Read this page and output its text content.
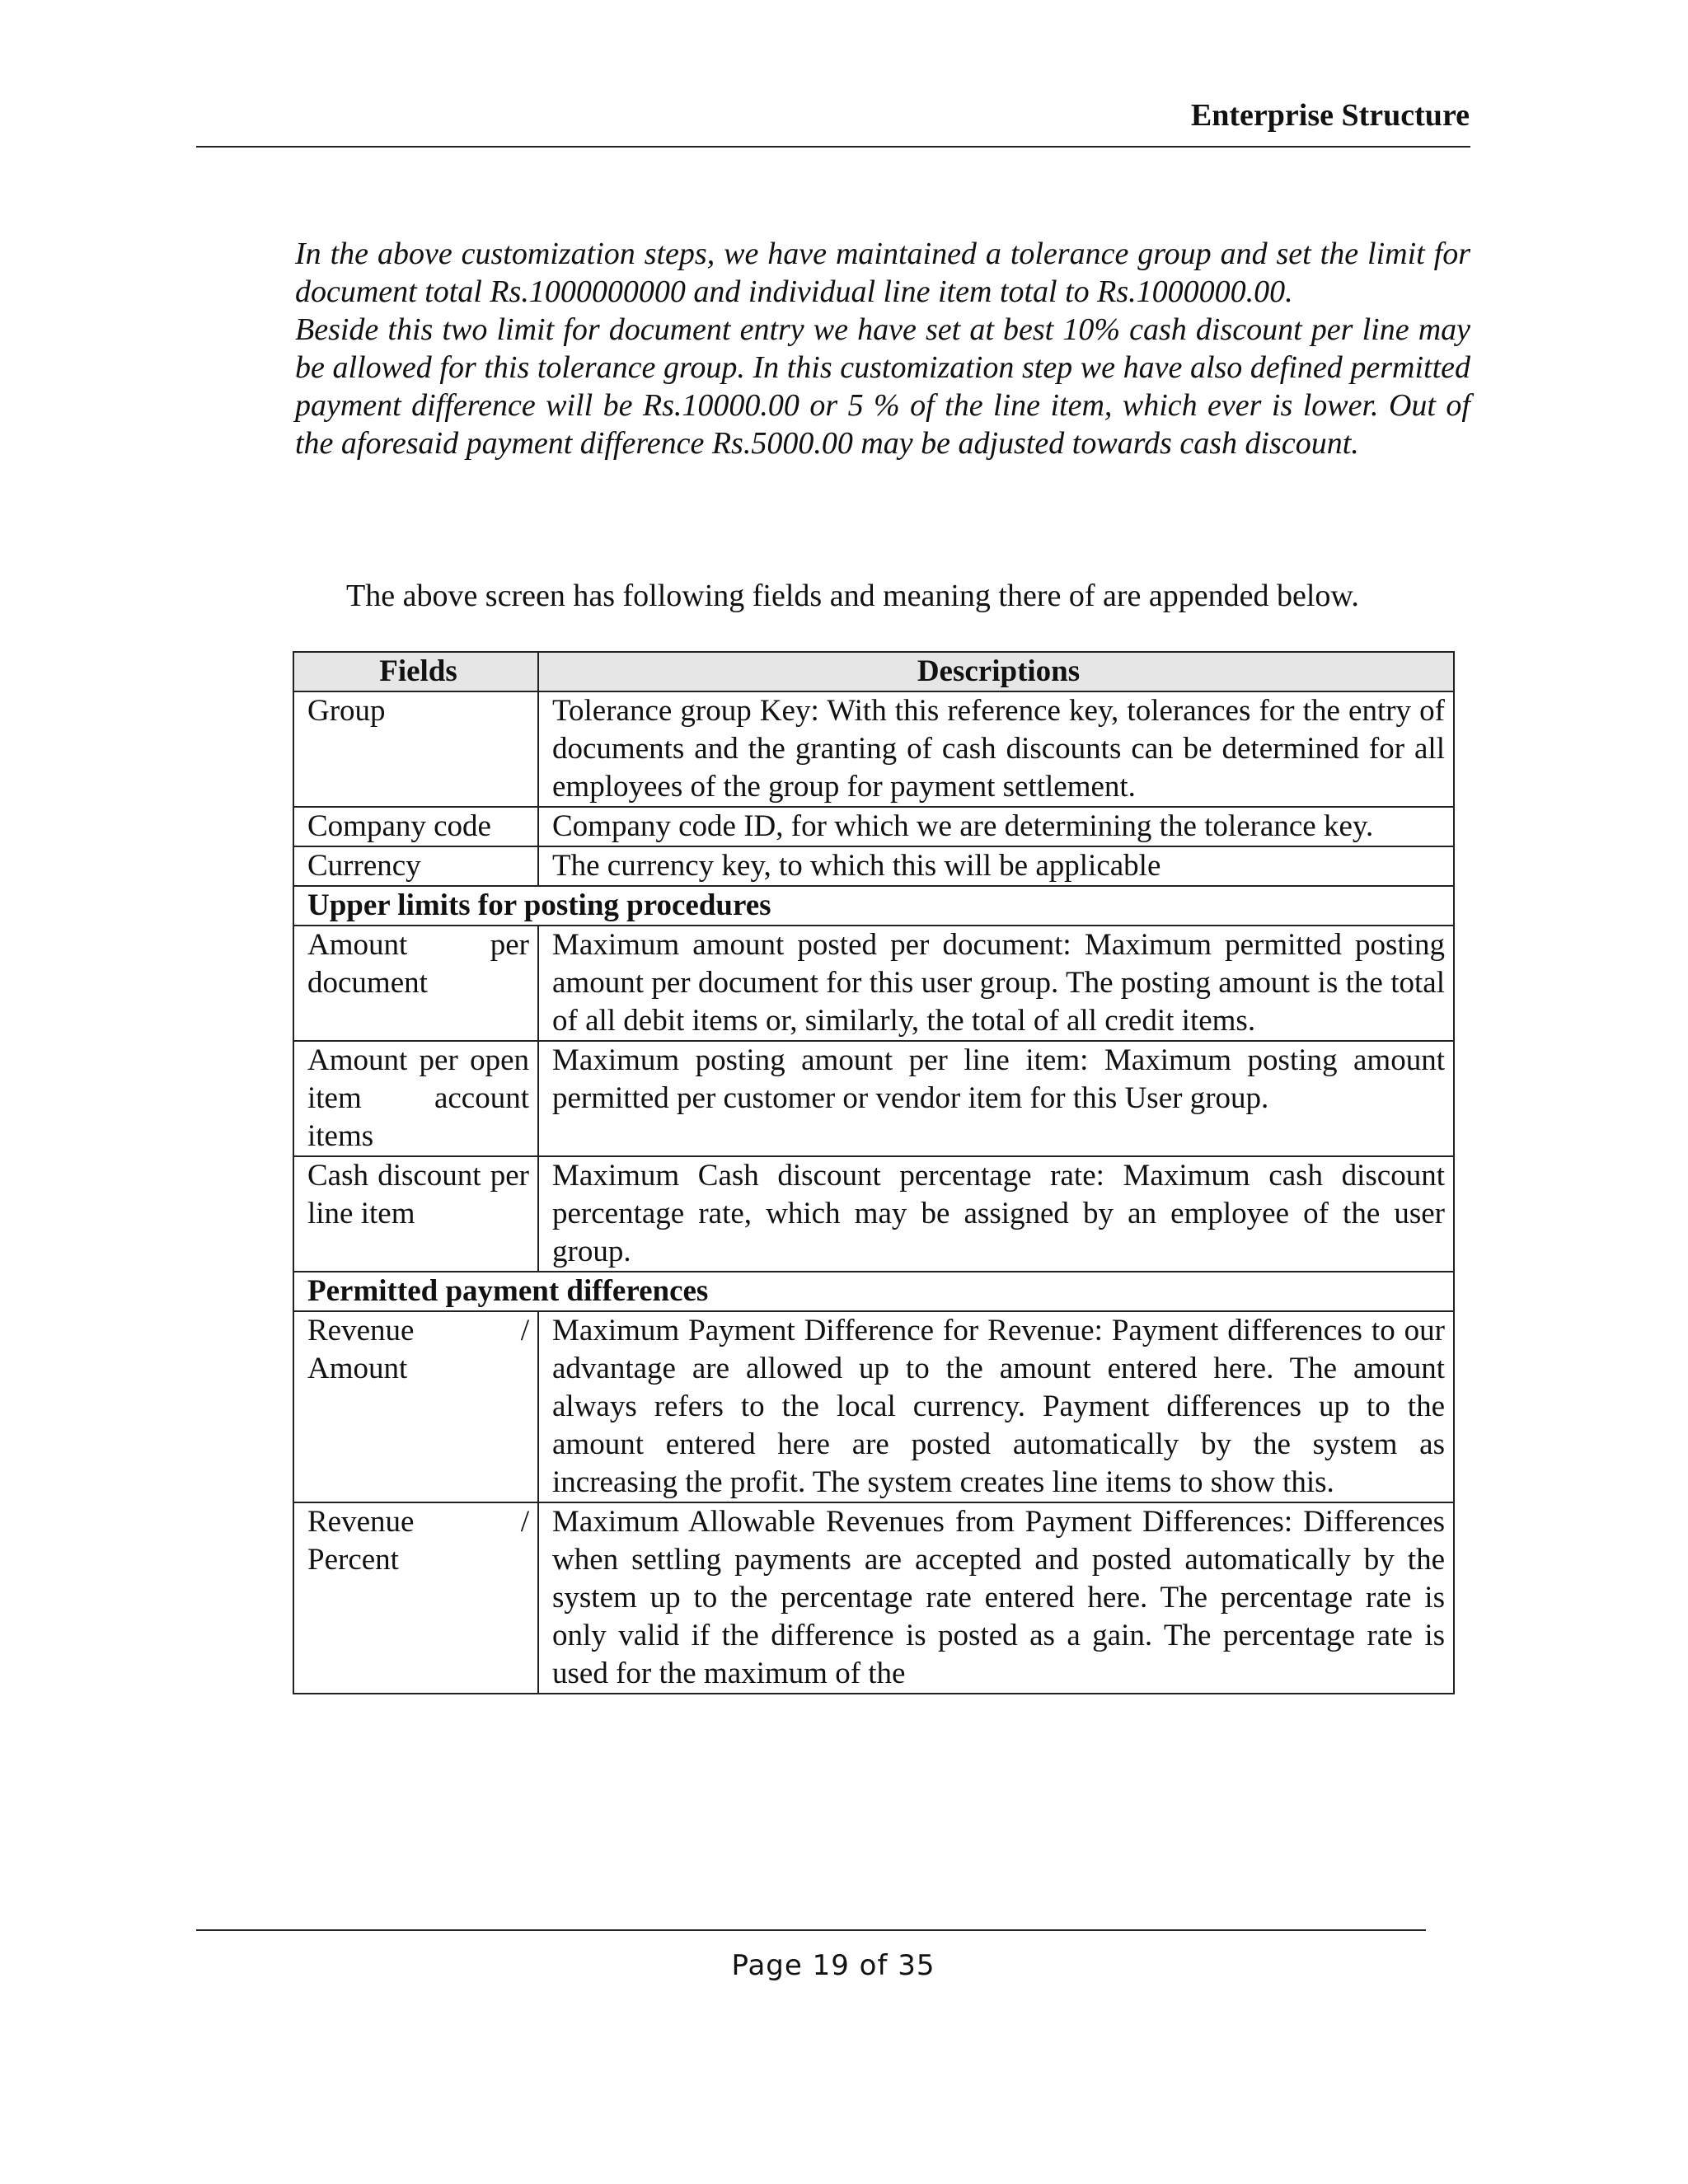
Enterprise Structure

In the above customization steps, we have maintained a tolerance group and set the limit for document total Rs.1000000000 and individual line item total to Rs.1000000.00.

Beside this two limit for document entry we have set at best 10% cash discount per line may be allowed for this tolerance group. In this customization step we have also defined permitted payment difference will be Rs.10000.00 or 5 % of the line item, which ever is lower. Out of the aforesaid payment difference Rs.5000.00 may be adjusted towards cash discount.

The above screen has following fields and meaning there of are appended below.
Fields	Descriptions
Group	Tolerance group Key: With this reference key, tolerances for the entry of documents and the granting of cash discounts can be determined for all employees of the group for payment settlement.
Company code	Company code ID, for which we are determining the tolerance key.
Currency	The currency key, to which this will be applicable
Upper limits for posting procedures	
Amount per document	Maximum amount posted per document: Maximum permitted posting amount per document for this user group. The posting amount is the total of all debit items or, similarly, the total of all credit items.
Amount per open item account items	Maximum posting amount per line item: Maximum posting amount permitted per customer or vendor item for this User group.
Cash discount per line item	Maximum Cash discount percentage rate: Maximum cash discount percentage rate, which may be assigned by an employee of the user group.
Permitted payment differences	
Revenue / Amount	Maximum Payment Difference for Revenue: Payment differences to our advantage are allowed up to the amount entered here. The amount always refers to the local currency. Payment differences up to the amount entered here are posted automatically by the system as increasing the profit. The system creates line items to show this.
Revenue / Percent	Maximum Allowable Revenues from Payment Differences: Differences when settling payments are accepted and posted automatically by the system up to the percentage rate entered here. The percentage rate is only valid if the difference is posted as a gain. The percentage rate is used for the maximum of the
Page 19 of 35
